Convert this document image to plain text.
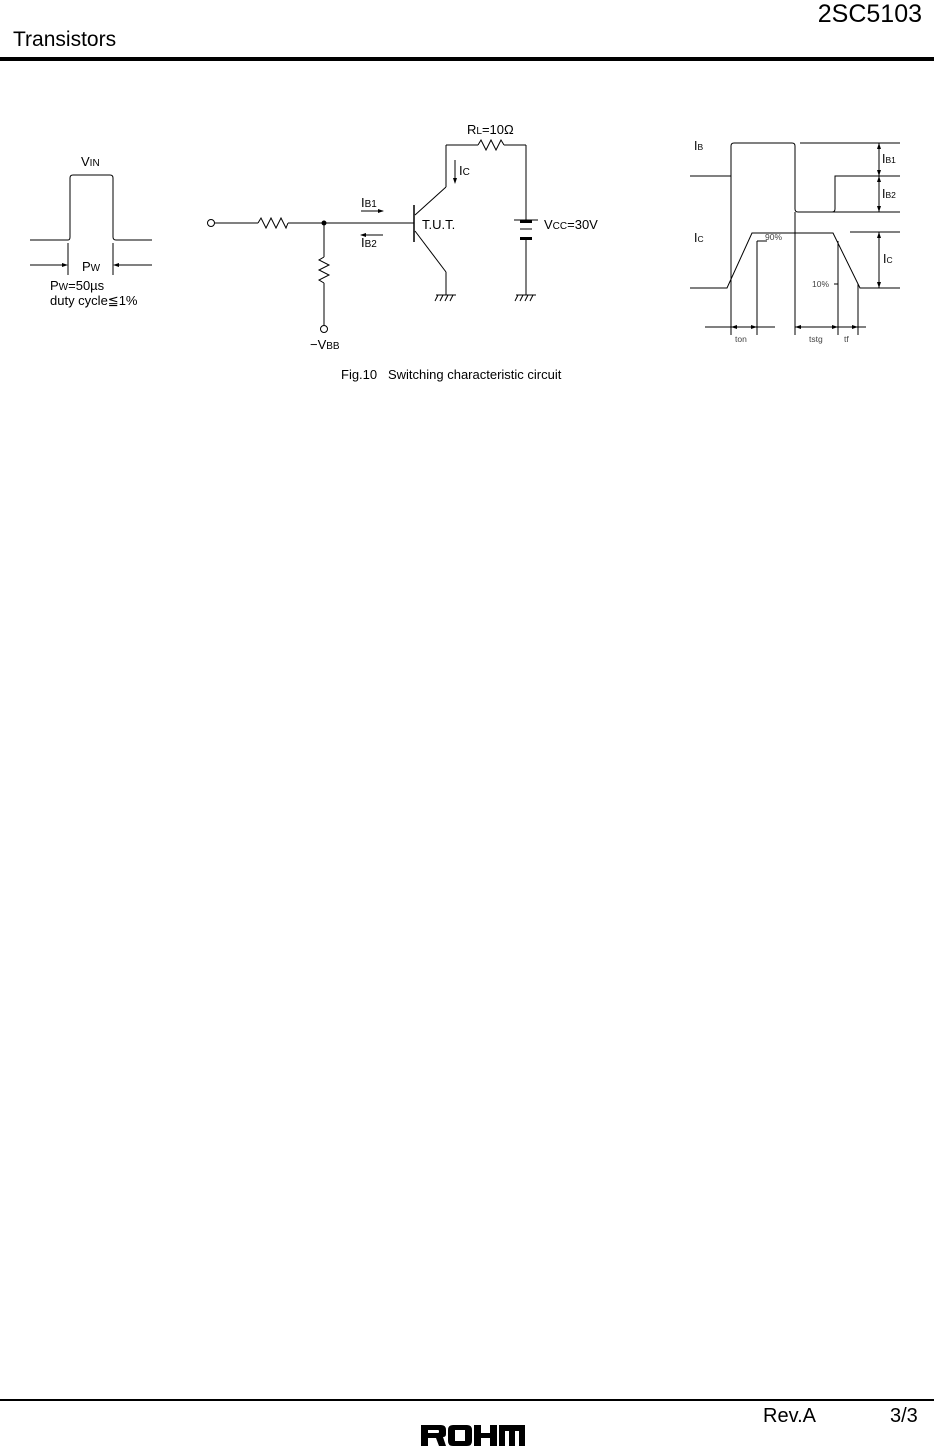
2SC5103
Transistors
VIN
PW
PW=50µs
duty cycle≦1%
RL=10Ω
IC
IB1
IB2
T.U.T.	VCC=30V
−VBB
IB
IC
IB1
IB2
IC
90%
10%
ton	tstg	tf
Fig.10   Switching characteristic circuit
Rev.A	3/3
